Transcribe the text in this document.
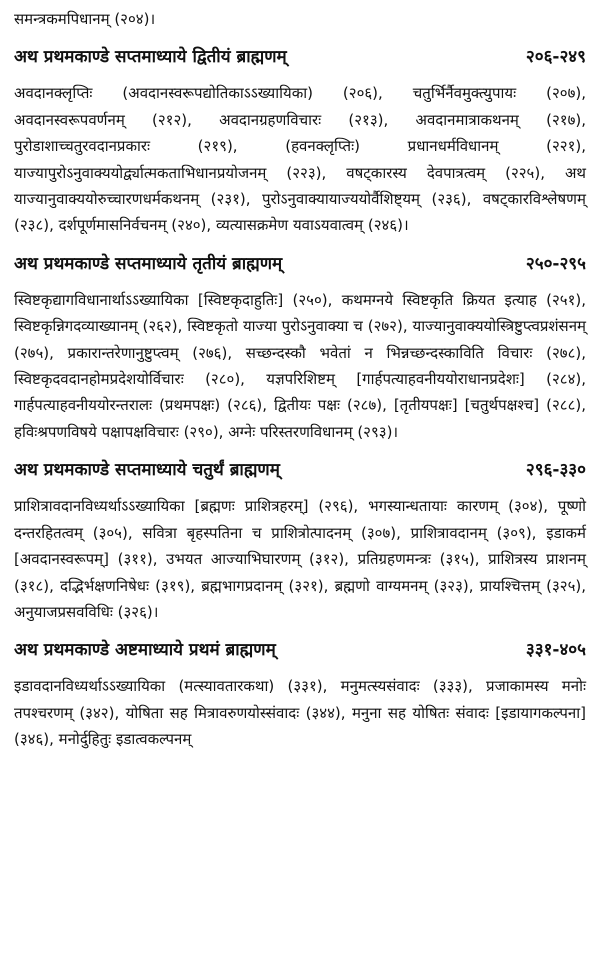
समन्त्रकमपिधानम् (२०४)।

अथ प्रथमकाण्डे सप्तमाध्याये द्वितीयं ब्राह्मणम्	२०६-२४९

अवदानक्लृप्तिः (अवदानस्वरूपद्योतिकाऽऽख्यायिका) (२०६), चतुर्भिर्नैवमुक्त्युपायः (२०७), अवदानस्वरूपवर्णनम् (२१२), अवदानग्रहणविचारः (२१३), अवदानमात्राकथनम् (२१७), पुरोडाशाच्चतुरवदानप्रकारः (२१९), (हवनक्लृप्तिः) प्रधानधर्मविधानम् (२२१), याज्यापुरोऽनुवाक्ययोर्द्व्यात्मकताभिधानप्रयोजनम् (२२३), वषट्कारस्य देवपात्रत्वम् (२२५), अथ याज्यानुवाक्ययोरुच्चारणधर्मकथनम् (२३१), पुरोऽनुवाक्यायाज्ययोर्वैशिष्ट्यम् (२३६), वषट्कारविश्लेषणम् (२३८), दर्शपूर्णमासनिर्वचनम् (२४०), व्यत्यासक्रमेण यवाऽयवात्वम् (२४६)।

अथ प्रथमकाण्डे सप्तमाध्याये तृतीयं ब्राह्मणम्	२५०-२९५

स्विष्टकृद्यागविधानार्थाऽऽख्यायिका [स्विष्टकृदाहुतिः] (२५०), कथमग्नये स्विष्टकृति क्रियत इत्याह (२५१), स्विष्टकृन्निगदव्याख्यानम् (२६२), स्विष्टकृतो याज्या पुरोऽनुवाक्या च (२७२), याज्यानुवाक्ययोस्त्रिष्टुप्त्वप्रशंसनम् (२७५), प्रकारान्तरेणानुष्टुप्त्वम् (२७६), सच्छन्दस्कौ भवेतां न भिन्नच्छन्दस्काविति विचारः (२७८), स्विष्टकृदवदानहोमप्रदेशयोर्विचारः (२८०), यज्ञपरिशिष्टम् [गार्हपत्याहवनीययोराधानप्रदेशः] (२८४), गार्हपत्याहवनीययोरन्तरालः (प्रथमपक्षः) (२८६), द्वितीयः पक्षः (२८७), [तृतीयपक्षः] [चतुर्थपक्षश्च] (२८८), हविःश्रपणविषये पक्षापक्षविचारः (२९०), अग्नेः परिस्तरणविधानम् (२९३)।

अथ प्रथमकाण्डे सप्तमाध्याये चतुर्थं ब्राह्मणम्	२९६-३३०

प्राशित्रावदानविध्यर्थाऽऽख्यायिका [ब्रह्मणः प्राशित्रहरम्] (२९६), भगस्यान्धतायाः कारणम् (३०४), पूष्णो दन्तरहितत्वम् (३०५), सवित्रा बृहस्पतिना च प्राशित्रोत्पादनम् (३०७), प्राशित्रावदानम् (३०९), इडाकर्म [अवदानस्वरूपम्] (३११), उभयत आज्याभिघारणम् (३१२), प्रतिग्रहणमन्त्रः (३१५), प्राशित्रस्य प्राशनम् (३१८), दद्भिर्भक्षणनिषेधः (३१९), ब्रह्मभागप्रदानम् (३२१), ब्रह्मणो वाग्यमनम् (३२३), प्रायश्चित्तम् (३२५), अनुयाजप्रसवविधिः (३२६)।

अथ प्रथमकाण्डे अष्टमाध्याये प्रथमं ब्राह्मणम्	३३१-४०५

इडावदानविध्यर्थाऽऽख्यायिका (मत्स्यावतारकथा) (३३१), मनुमत्स्यसंवादः (३३३), प्रजाकामस्य मनोः तपश्चरणम् (३४२), योषिता सह मित्रावरुणयोस्संवादः (३४४), मनुना सह योषितः संवादः [इडायागकल्पना] (३४६), मनोर्दुहितुः इडात्वकल्पनम्
